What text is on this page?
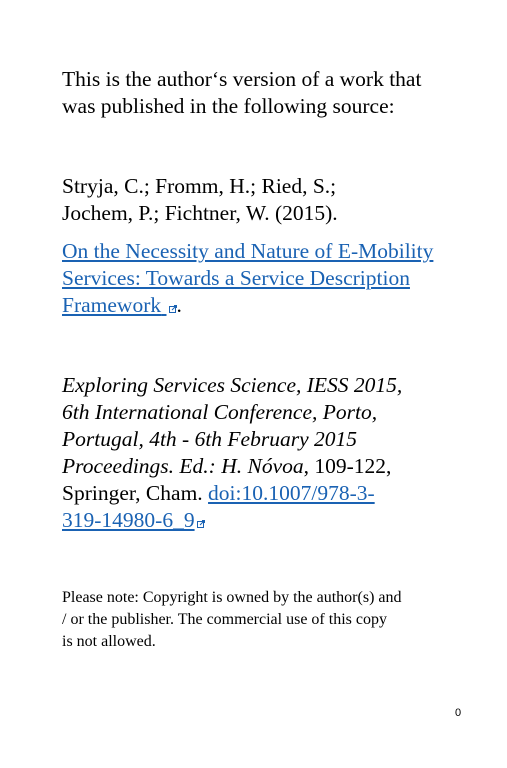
This is the author‘s version of a work that
was published in the following source:

Stryja, C.; Fromm, H.; Ried, S.;
Jochem, P.; Fichtner, W. (2015).

On the Necessity and Nature of E-Mobility
Services: Towards a Service Description
Framework .

Exploring Services Science, IESS 2015,
6th International Conference, Porto,
Portugal, 4th - 6th February 2015
Proceedings. Ed.: H. Nóvoa, 109-122,
Springer, Cham. doi:10.1007/978-3-
319-14980-6_9

Please note: Copyright is owned by the author(s) and
/ or the publisher. The commercial use of this copy
is not allowed.

0
